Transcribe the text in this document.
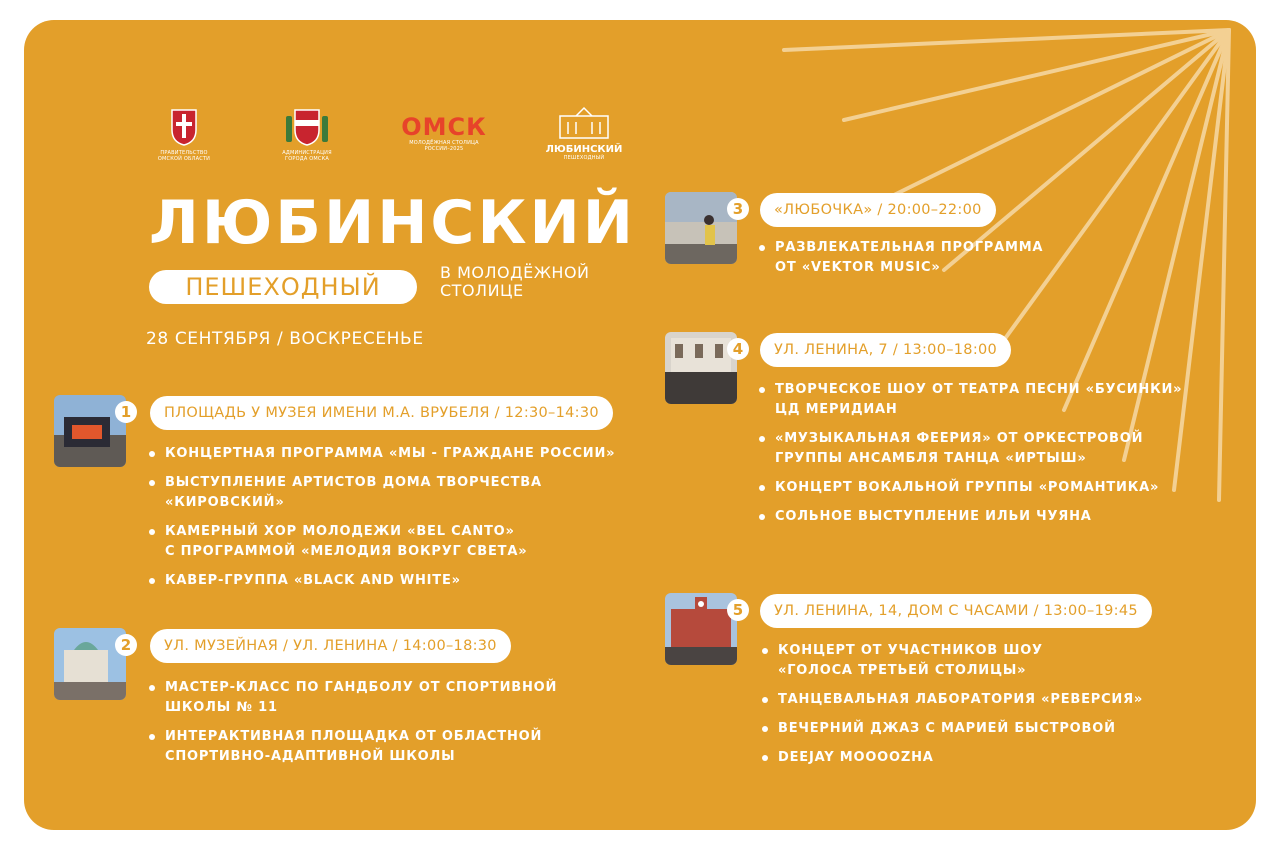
ПРАВИТЕЛЬСТВО
ОМСКОЙ ОБЛАСТИ
АДМИНИСТРАЦИЯ
ГОРОДА ОМСКА
ОМСК
МОЛОДЁЖНАЯ СТОЛИЦА
РОССИИ–2025	ЛЮБИНСКИЙ
ПЕШЕХОДНЫЙ
ЛЮБИНСКИЙ
ПЕШЕХОДНЫЙ
В МОЛОДЁЖНОЙ
СТОЛИЦЕ
28 СЕНТЯБРЯ / ВОСКРЕСЕНЬЕ
1	ПЛОЩАДЬ У МУЗЕЯ ИМЕНИ М.А. ВРУБЕЛЯ / 12:30–14:30
КОНЦЕРТНАЯ ПРОГРАММА «МЫ - ГРАЖДАНЕ РОССИИ»
ВЫСТУПЛЕНИЕ АРТИСТОВ ДОМА ТВОРЧЕСТВА
«КИРОВСКИЙ»
КАМЕРНЫЙ ХОР МОЛОДЕЖИ «BEL CANTO»
С ПРОГРАММОЙ «МЕЛОДИЯ ВОКРУГ СВЕТА»
КАВЕР-ГРУППА «BLACK AND WHITE»
2	УЛ. МУЗЕЙНАЯ / УЛ. ЛЕНИНА / 14:00–18:30
МАСТЕР-КЛАСС ПО ГАНДБОЛУ ОТ СПОРТИВНОЙ
ШКОЛЫ № 11
ИНТЕРАКТИВНАЯ ПЛОЩАДКА ОТ ОБЛАСТНОЙ
СПОРТИВНО-АДАПТИВНОЙ ШКОЛЫ
3	«ЛЮБОЧКА» / 20:00–22:00
РАЗВЛЕКАТЕЛЬНАЯ ПРОГРАММА
ОТ «VEKTOR MUSIC»
4	УЛ. ЛЕНИНА, 7 / 13:00–18:00
ТВОРЧЕСКОЕ ШОУ ОТ ТЕАТРА ПЕСНИ «БУСИНКИ»
ЦД МЕРИДИАН
«МУЗЫКАЛЬНАЯ ФЕЕРИЯ» ОТ ОРКЕСТРОВОЙ
ГРУППЫ АНСАМБЛЯ ТАНЦА «ИРТЫШ»
КОНЦЕРТ ВОКАЛЬНОЙ ГРУППЫ «РОМАНТИКА»
СОЛЬНОЕ ВЫСТУПЛЕНИЕ ИЛЬИ ЧУЯНА
5	УЛ. ЛЕНИНА, 14, ДОМ С ЧАСАМИ / 13:00–19:45
КОНЦЕРТ ОТ УЧАСТНИКОВ ШОУ
«ГОЛОСА ТРЕТЬЕЙ СТОЛИЦЫ»
ТАНЦЕВАЛЬНАЯ ЛАБОРАТОРИЯ «РЕВЕРСИЯ»
ВЕЧЕРНИЙ ДЖАЗ С МАРИЕЙ БЫСТРОВОЙ
DEEJAY MOOOOZHA
